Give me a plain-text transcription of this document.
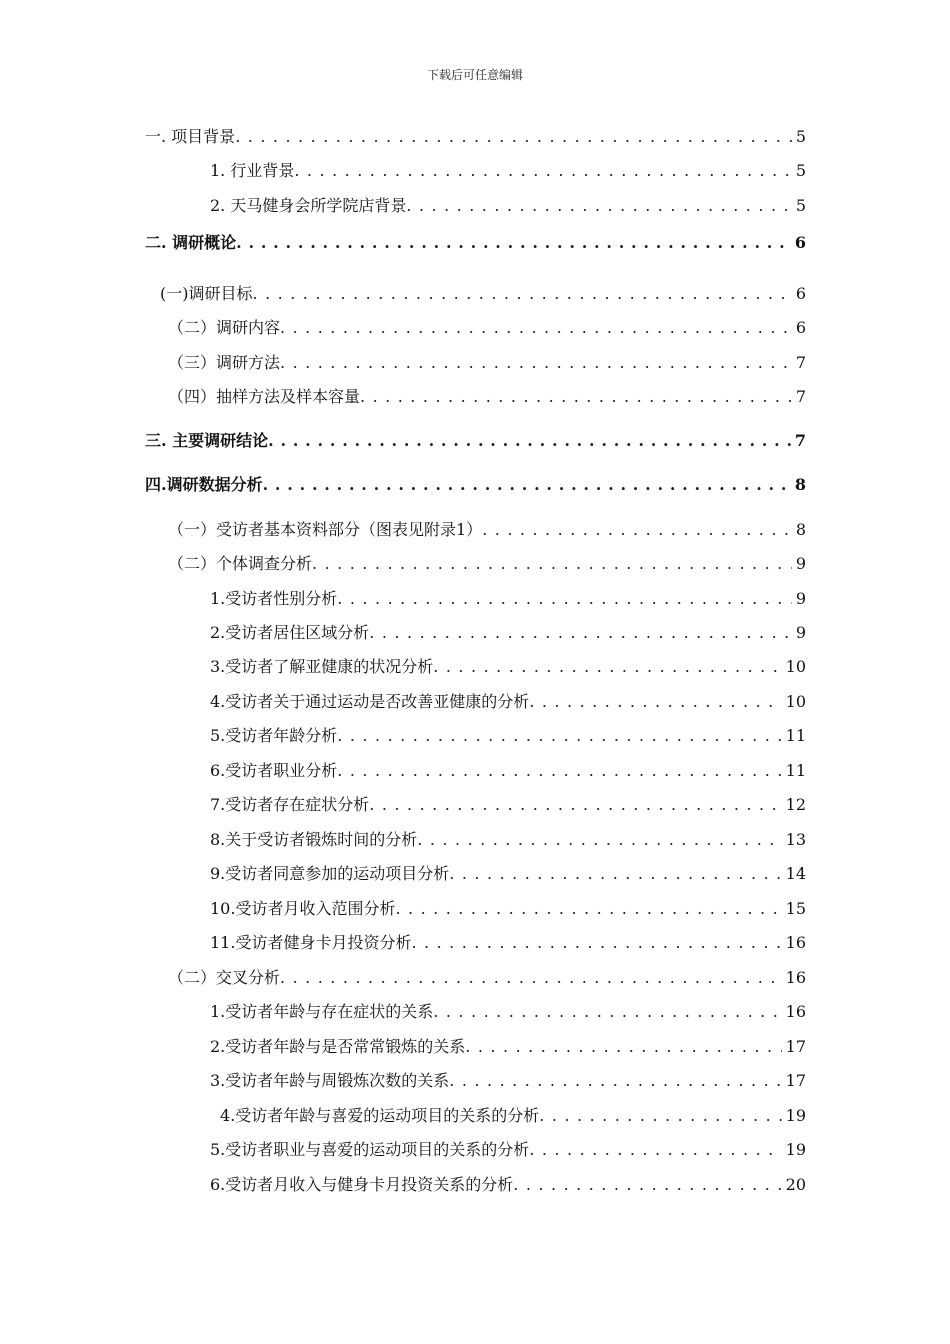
下载后可任意编辑
一. 项目背景 . . .	5
1. 行业背景 . . .	5
2. 天马健身会所学院店背景 . . .	5
二. 调研概论 . . .	6
(一)调研目标 . . .	6
（二）调研内容 . . .	6
（三）调研方法 . . .	7
（四）抽样方法及样本容量 . . .	7
三. 主要调研结论 . . .	7
四.调研数据分析 . . .	8
（一）受访者基本资料部分（图表见附录1） . . .	8
（二）个体调查分析 . . .	9
1.受访者性别分析 . . .	9
2.受访者居住区域分析 . . .	9
3.受访者了解亚健康的状况分析 . . .	10
4.受访者关于通过运动是否改善亚健康的分析 . . .	10
5.受访者年龄分析 . . .	11
6.受访者职业分析 . . .	11
7.受访者存在症状分析 . . .	12
8.关于受访者锻炼时间的分析 . . .	13
9.受访者同意参加的运动项目分析 . . .	14
10.受访者月收入范围分析 . . .	15
11.受访者健身卡月投资分析 . . .	16
（二）交叉分析 . . .	16
1.受访者年龄与存在症状的关系 . . .	16
2.受访者年龄与是否常常锻炼的关系 . . .	17
3.受访者年龄与周锻炼次数的关系 . . .	17
4.受访者年龄与喜爱的运动项目的关系的分析 . . .	19
5.受访者职业与喜爱的运动项目的关系的分析 . . .	19
6.受访者月收入与健身卡月投资关系的分析 . . .	20
